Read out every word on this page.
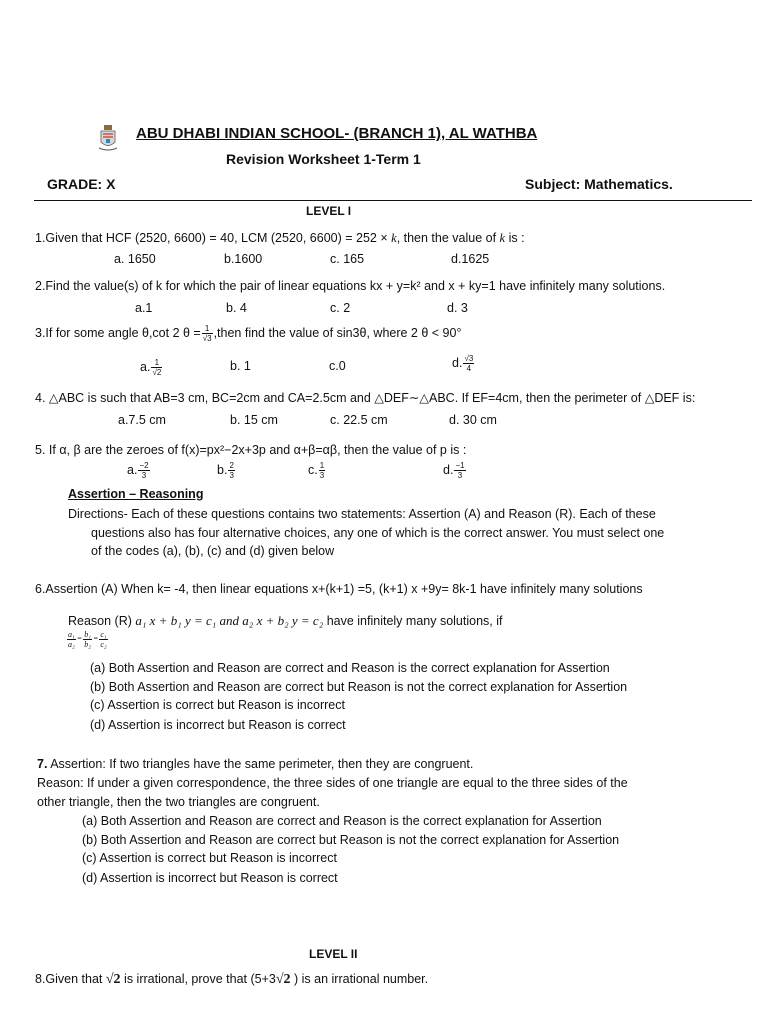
ABU DHABI INDIAN SCHOOL- (BRANCH 1), AL WATHBA
Revision Worksheet 1-Term 1
GRADE: X	Subject: Mathematics.
LEVEL I
1.Given that HCF (2520, 6600) = 40, LCM (2520, 6600) = 252 × k, then the value of k is :
a. 1650	b.1600	c. 165	d.1625
2.Find the value(s) of k for which the pair of linear equations kx + y=k² and x + ky=1 have infinitely many solutions.
a.1	b. 4	c. 2	d. 3
3.If for some angle θ,cot 2 $\theta = \frac{1}{√3}$ ,then find the value of sin3θ, where 2 θ < 90°
a. $\frac{1}{√2}$	b. 1	c.0	d. $\frac{√3}{4}$
4. △ABC is such that AB=3 cm, BC=2cm and CA=2.5cm and △DEF∼△ABC. If EF=4cm, then the perimeter of △DEF is:
a.7.5 cm	b. 15 cm	c. 22.5 cm	d. 30 cm
5. If α, β are the zeroes of f(x)=px²−2x+3p and α+β=αβ, then the value of p is :
a. $\frac{-2}{3}$	b. $\frac{2}{3}$	c. $\frac{1}{3}$	d. $\frac{-1}{3}$
Assertion – Reasoning
Directions- Each of these questions contains two statements: Assertion (A) and Reason (R). Each of these
questions also has four alternative choices, any one of which is the correct answer. You must select one
of the codes (a), (b), (c) and (d) given below
6.Assertion (A) When k= -4, then linear equations x+(k+1) =5, (k+1) x +9y= 8k-1 have infinitely many solutions
Reason (R) a₁ x + b₁ y = c₁ and a₂ x + b₂ y = c₂ have infinitely many solutions, if
$\frac{\text{a₁}}{\text{a₂}} = \frac{\text{b₁}}{\text{b₂}} = \frac{\text{c₁}}{\text{c₂}}$
(a) Both Assertion and Reason are correct and Reason is the correct explanation for Assertion
(b) Both Assertion and Reason are correct but Reason is not the correct explanation for Assertion
(c) Assertion is correct but Reason is incorrect
(d) Assertion is incorrect but Reason is correct
7. Assertion: If two triangles have the same perimeter, then they are congruent.
Reason: If under a given correspondence, the three sides of one triangle are equal to the three sides of the
other triangle, then the two triangles are congruent.
(a) Both Assertion and Reason are correct and Reason is the correct explanation for Assertion
(b) Both Assertion and Reason are correct but Reason is not the correct explanation for Assertion
(c) Assertion is correct but Reason is incorrect
(d) Assertion is incorrect but Reason is correct
LEVEL II
8.Given that √2 is irrational, prove that (5+3√2 ) is an irrational number.
